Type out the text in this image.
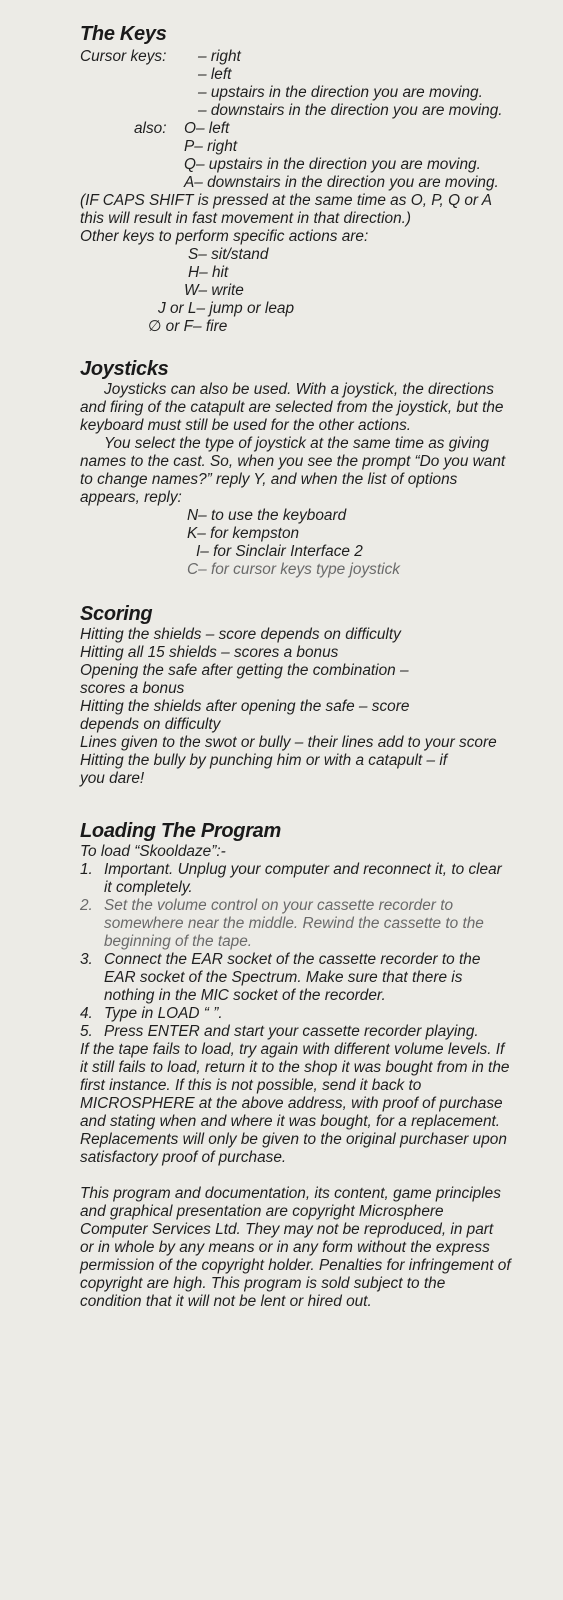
The Keys
Cursor keys: – right
– left
– upstairs in the direction you are moving.
– downstairs in the direction you are moving.
also: O– left
P– right
Q– upstairs in the direction you are moving.
A– downstairs in the direction you are moving.

(IF CAPS SHIFT is pressed at the same time as O, P, Q or A this will result in fast movement in that direction.)

Other keys to perform specific actions are:

S– sit/stand
H– hit
W– write
J or L– jump or leap
∅ or F– fire
Joysticks

Joysticks can also be used. With a joystick, the directions and firing of the catapult are selected from the joystick, but the keyboard must still be used for the other actions.

You select the type of joystick at the same time as giving names to the cast. So, when you see the prompt “Do you want to change names?” reply Y, and when the list of options appears, reply:

N– to use the keyboard
K– for kempston
I– for Sinclair Interface 2
C– for cursor keys type joystick
Scoring

Hitting the shields – score depends on difficulty

Hitting all 15 shields – scores a bonus

Opening the safe after getting the combination – scores a bonus

Hitting the shields after opening the safe – score depends on difficulty

Lines given to the swot or bully – their lines add to your score

Hitting the bully by punching him or with a catapult – if you dare!

Loading The Program

To load “Skooldaze”:-

1. Important. Unplug your computer and reconnect it, to clear it completely.
2. Set the volume control on your cassette recorder to somewhere near the middle. Rewind the cassette to the beginning of the tape.
3. Connect the EAR socket of the cassette recorder to the EAR socket of the Spectrum. Make sure that there is nothing in the MIC socket of the recorder.
4. Type in LOAD “ ”.
5. Press ENTER and start your cassette recorder playing.

If the tape fails to load, try again with different volume levels. If it still fails to load, return it to the shop it was bought from in the first instance. If this is not possible, send it back to MICROSPHERE at the above address, with proof of purchase and stating when and where it was bought, for a replacement. Replacements will only be given to the original purchaser upon satisfactory proof of purchase.

This program and documentation, its content, game principles and graphical presentation are copyright Microsphere Computer Services Ltd. They may not be reproduced, in part or in whole by any means or in any form without the express permission of the copyright holder. Penalties for infringement of copyright are high. This program is sold subject to the condition that it will not be lent or hired out.
